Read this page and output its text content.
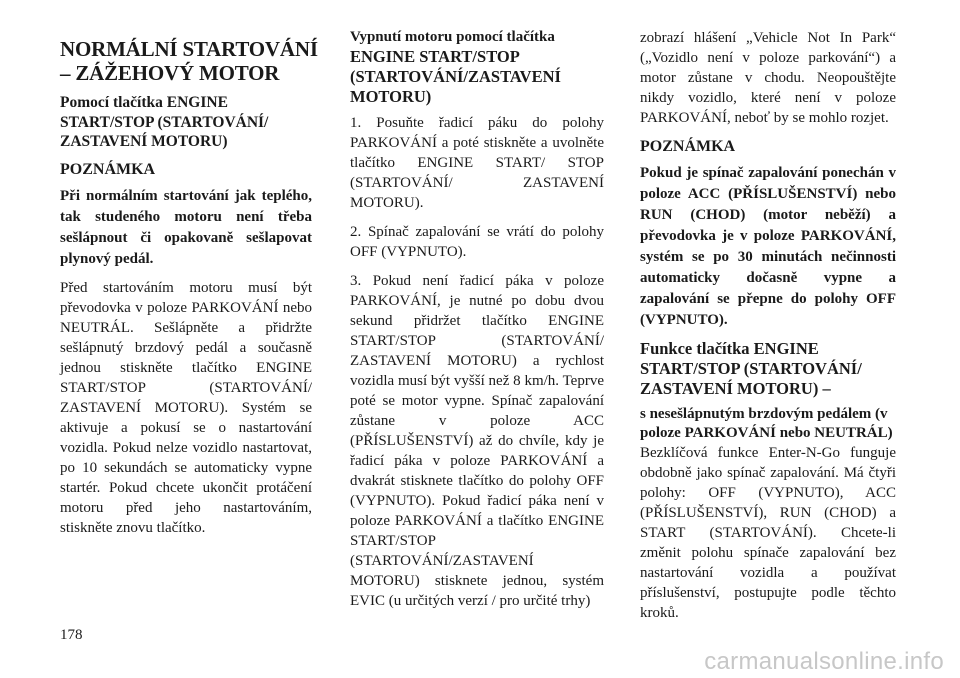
NORMÁLNÍ STARTOVÁNÍ
– ZÁŽEHOVÝ MOTOR
Pomocí tlačítka ENGINE START/STOP (STARTOVÁNÍ/ ZASTAVENÍ MOTORU)
POZNÁMKA
Při normálním startování jak teplého, tak studeného motoru není třeba sešlápnout či opakovaně sešlapovat plynový pedál.

Před startováním motoru musí být převodovka v poloze PARKOVÁNÍ nebo NEUTRÁL. Sešlápněte a přidržte sešlápnutý brzdový pedál a současně jednou stiskněte tlačítko ENGINE START/STOP (STARTOVÁNÍ/ ZASTAVENÍ MOTORU). Systém se aktivuje a pokusí se o nastartování vozidla. Pokud nelze vozidlo nastartovat, po 10 sekundách se automaticky vypne startér. Pokud chcete ukončit protáčení motoru před jeho nastartováním, stiskněte znovu tlačítko.

Vypnutí motoru pomocí tlačítka
ENGINE START/STOP (STARTOVÁNÍ/ZASTAVENÍ MOTORU)
1. Posuňte řadicí páku do polohy PARKOVÁNÍ a poté stiskněte a uvolněte tlačítko ENGINE START/ STOP (STARTOVÁNÍ/ ZASTAVENÍ MOTORU).
2. Spínač zapalování se vrátí do polohy OFF (VYPNUTO).
3. Pokud není řadicí páka v poloze PARKOVÁNÍ, je nutné po dobu dvou sekund přidržet tlačítko ENGINE START/STOP (STARTOVÁNÍ/ ZASTAVENÍ MOTORU) a rychlost vozidla musí být vyšší než 8 km/h. Teprve poté se motor vypne. Spínač zapalování zůstane v poloze ACC (PŘÍSLUŠENSTVÍ) až do chvíle, kdy je řadicí páka v poloze PARKOVÁNÍ a dvakrát stisknete tlačítko do polohy OFF (VYPNUTO). Pokud řadicí páka není v poloze PARKOVÁNÍ a tlačítko ENGINE START/STOP (STARTOVÁNÍ/ZASTAVENÍ MOTORU) stisknete jednou, systém EVIC (u určitých verzí / pro určité trhy)

zobrazí hlášení „Vehicle Not In Park“ („Vozidlo není v poloze parkování“) a motor zůstane v chodu. Neopouštějte nikdy vozidlo, které není v poloze PARKOVÁNÍ, neboť by se mohlo rozjet.

POZNÁMKA
Pokud je spínač zapalování ponechán v poloze ACC (PŘÍSLUŠENSTVÍ) nebo RUN (CHOD) (motor neběží) a převodovka je v poloze PARKOVÁNÍ, systém se po 30 minutách nečinnosti automaticky dočasně vypne a zapalování se přepne do polohy OFF (VYPNUTO).
Funkce tlačítka ENGINE START/STOP (STARTOVÁNÍ/ ZASTAVENÍ MOTORU) –
s nesešlápnutým brzdovým pedálem (v poloze PARKOVÁNÍ nebo NEUTRÁL)

Bezklíčová funkce Enter-N-Go funguje obdobně jako spínač zapalování. Má čtyři polohy: OFF (VYPNUTO), ACC (PŘÍSLUŠENSTVÍ), RUN (CHOD) a START (STARTOVÁNÍ). Chcete-li změnit polohu spínače zapalování bez nastartování vozidla a používat příslušenství, postupujte podle těchto kroků.

178
carmanualsonline.info
